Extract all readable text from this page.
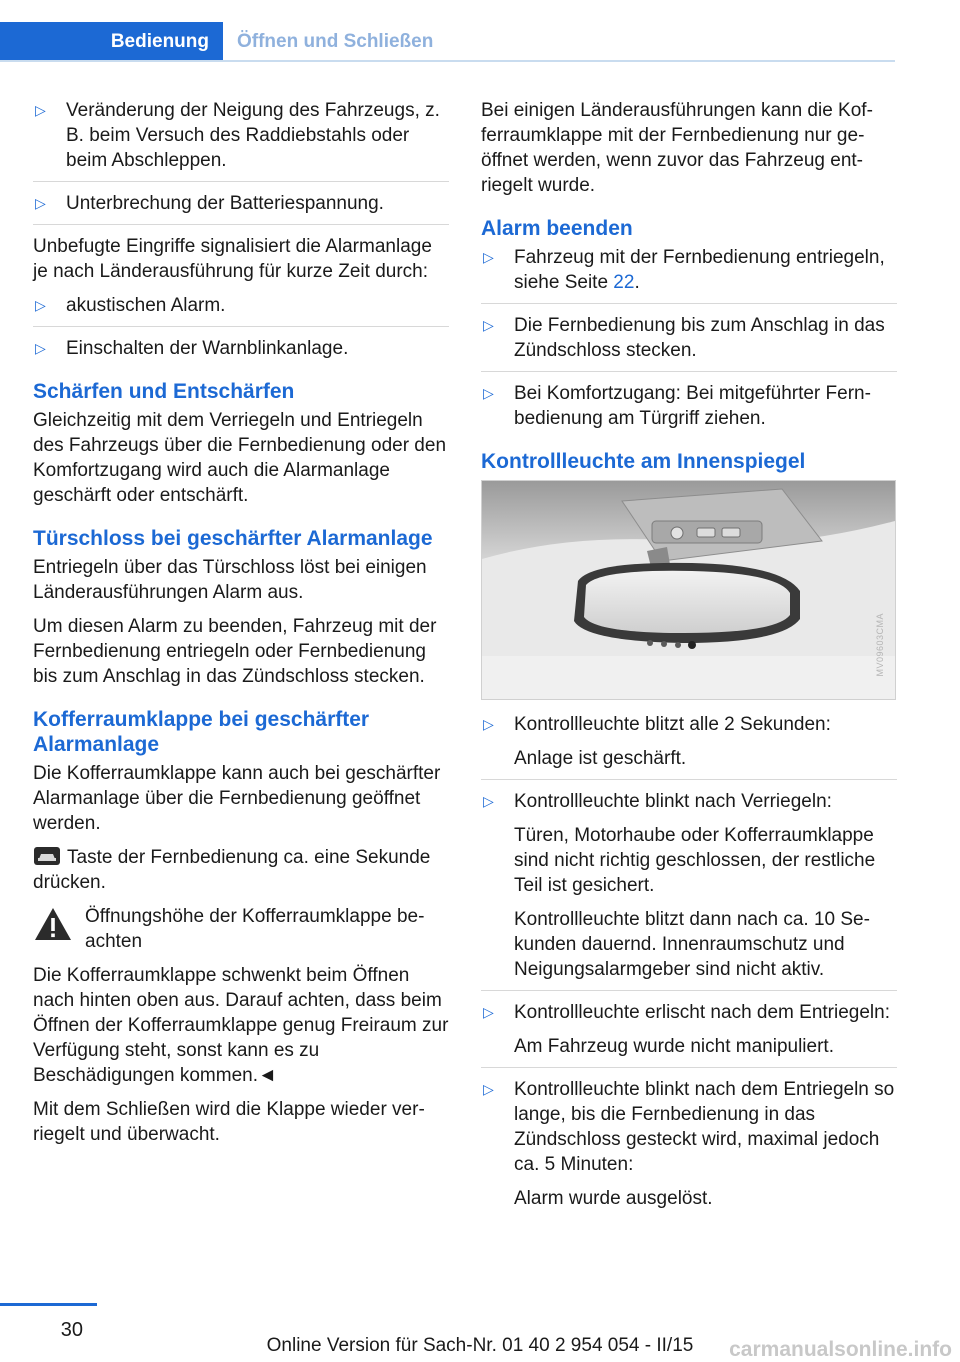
Bedienung	Öffnen und Schließen
▷ Veränderung der Neigung des Fahrzeugs, z. B. beim Versuch des Raddiebstahls oder beim Abschleppen.
▷ Unterbrechung der Batteriespannung.

Unbefugte Eingriffe signalisiert die Alarmanlage je nach Länderausführung für kurze Zeit durch:

▷ akustischen Alarm.
▷ Einschalten der Warnblinkanlage.
Schärfen und Entschärfen

Gleichzeitig mit dem Verriegeln und Entriegeln des Fahrzeugs über die Fernbedienung oder den Komfortzugang wird auch die Alarmanlage geschärft oder entschärft.

Türschloss bei geschärfter Alarmanlage

Entriegeln über das Türschloss löst bei einigen Länderausführungen Alarm aus.

Um diesen Alarm zu beenden, Fahrzeug mit der Fernbedienung entriegeln oder Fernbedienung bis zum Anschlag in das Zündschloss stecken.

Kofferraumklappe bei geschärfter Alarmanlage

Die Kofferraumklappe kann auch bei geschärfter Alarmanlage über die Fernbedienung geöffnet werden.

Taste der Fernbedienung ca. eine Sekunde drücken.

Öffnungshöhe der Kofferraumklappe beachten

Die Kofferraumklappe schwenkt beim Öffnen nach hinten oben aus. Darauf achten, dass beim Öffnen der Kofferraumklappe genug Freiraum zur Verfügung steht, sonst kann es zu Beschädigungen kommen.◄

Mit dem Schließen wird die Klappe wieder verriegelt und überwacht.

Bei einigen Länderausführungen kann die Kofferraumklappe mit der Fernbedienung nur geöffnet werden, wenn zuvor das Fahrzeug entriegelt wurde.

Alarm beenden
▷ Fahrzeug mit der Fernbedienung entriegeln, siehe Seite 22.
▷ Die Fernbedienung bis zum Anschlag in das Zündschloss stecken.
▷ Bei Komfortzugang: Bei mitgeführter Fernbedienung am Türgriff ziehen.
Kontrollleuchte am Innenspiegel
MV09603CMA
▷ Kontrollleuchte blitzt alle 2 Sekunden:
Anlage ist geschärft.
▷ Kontrollleuchte blinkt nach Verriegeln:
Türen, Motorhaube oder Kofferraumklappe sind nicht richtig geschlossen, der restliche Teil ist gesichert.
Kontrollleuchte blitzt dann nach ca. 10 Sekunden dauernd. Innenraumschutz und Neigungsalarmgeber sind nicht aktiv.
▷ Kontrollleuchte erlischt nach dem Entriegeln:
Am Fahrzeug wurde nicht manipuliert.
▷ Kontrollleuchte blinkt nach dem Entriegeln so lange, bis die Fernbedienung in das Zündschloss gesteckt wird, maximal jedoch ca. 5 Minuten:
Alarm wurde ausgelöst.
30
Online Version für Sach-Nr. 01 40 2 954 054 - II/15	carmanualsonline.info
